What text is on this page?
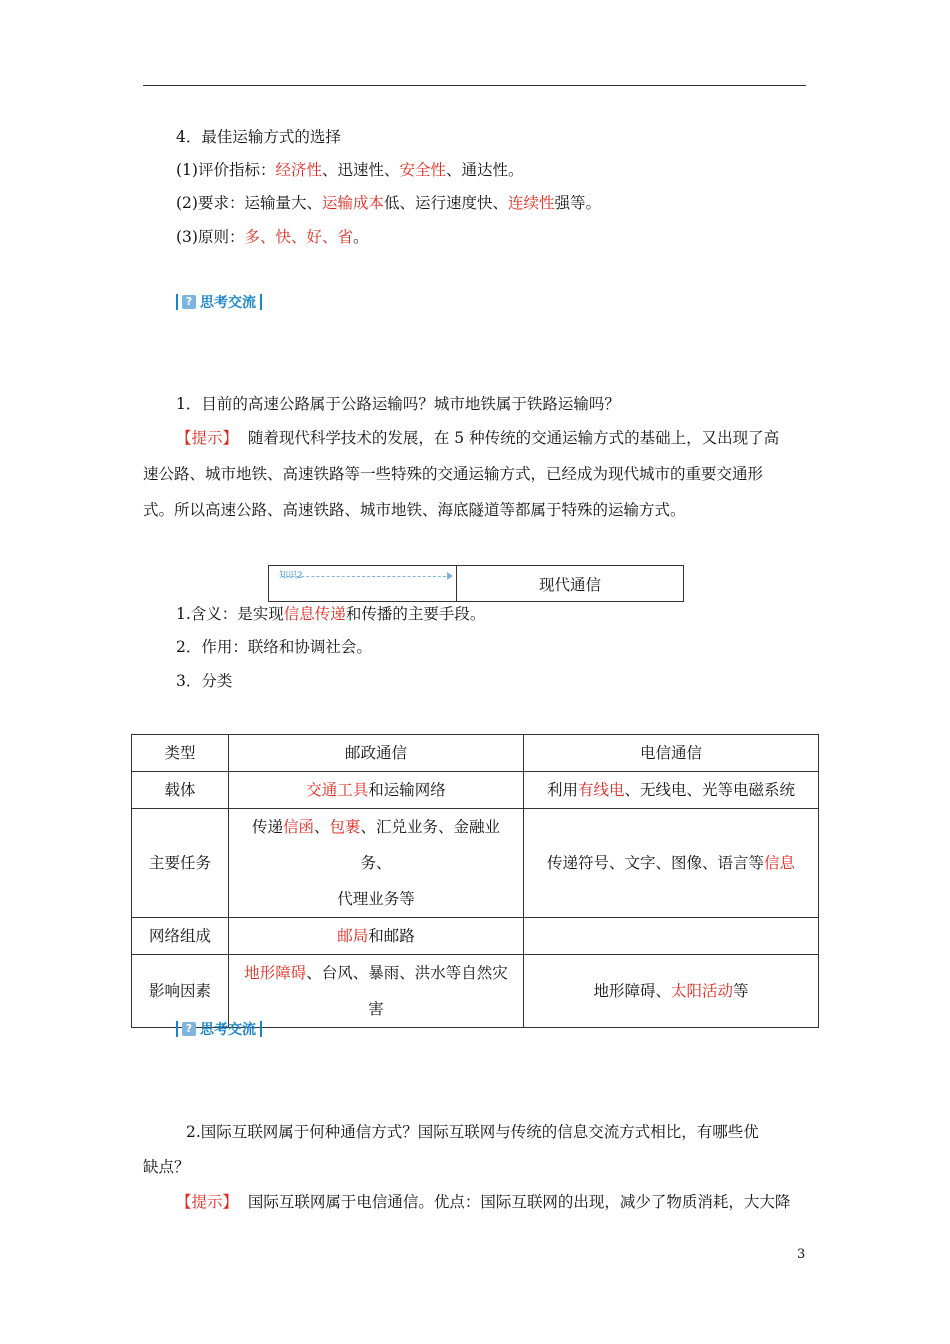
4．最佳运输方式的选择
(1)评价指标：经济性、迅速性、安全性、通达性。
(2)要求：运输量大、运输成本低、运行速度快、连续性强等。
(3)原则：多、快、好、省。
? 思考交流
1．目前的高速公路属于公路运输吗？城市地铁属于铁路运输吗？
【提示】 随着现代科学技术的发展，在 5 种传统的交通运输方式的基础上，又出现了高
速公路、城市地铁、高速铁路等一些特殊的交通运输方式，已经成为现代城市的重要交通形
式。所以高速公路、高速铁路、城市地铁、海底隧道等都属于特殊的运输方式。
知识2	现代通信
1.含义：是实现信息传递和传播的主要手段。
2．作用：联络和协调社会。
3．分类
类型	邮政通信	电信通信
载体	交通工具和运输网络	利用有线电、无线电、光等电磁系统
主要任务	传递信函、包裹、汇兑业务、金融业务、
代理业务等	传递符号、文字、图像、语言等信息
网络组成	邮局和邮路	
影响因素	地形障碍、台风、暴雨、洪水等自然灾
害	地形障碍、太阳活动等
? 思考交流
2.国际互联网属于何种通信方式？国际互联网与传统的信息交流方式相比，有哪些优
缺点？
【提示】 国际互联网属于电信通信。优点：国际互联网的出现，减少了物质消耗，大大降
3
